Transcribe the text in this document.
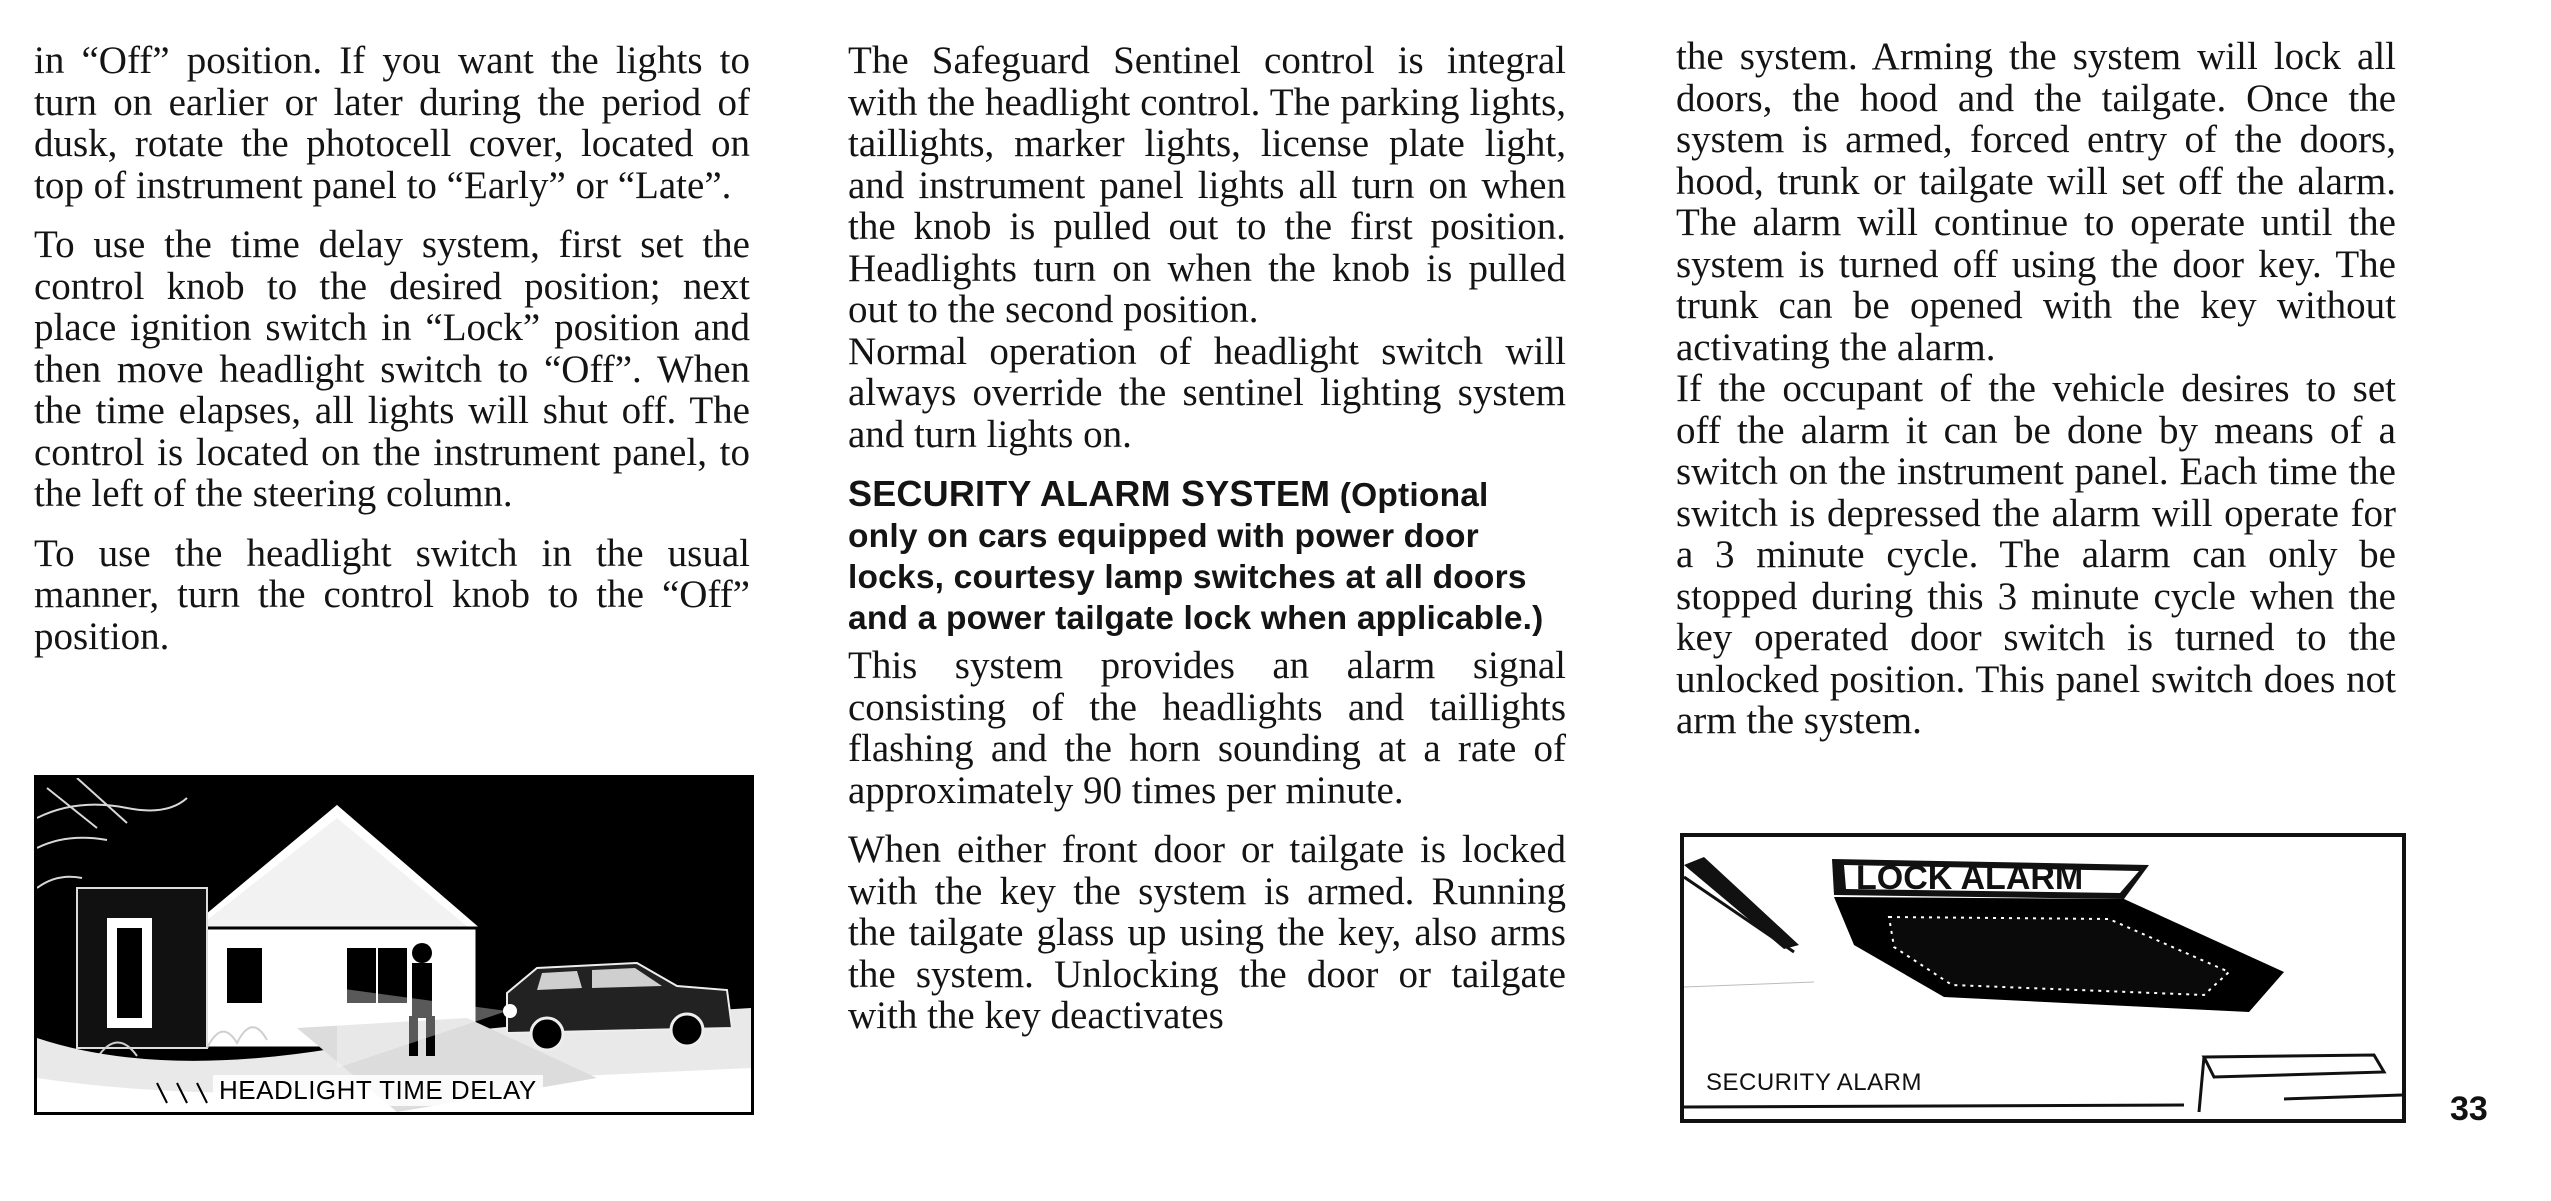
in “Off” position. If you want the lights to turn on earlier or later during the period of dusk, rotate the photocell cover, located on top of instrument panel to “Early” or “Late”.

To use the time delay system, first set the control knob to the desired position; next place ignition switch in “Lock” position and then move headlight switch to “Off”. When the time elapses, all lights will shut off. The control is located on the instrument panel, to the left of the steering column.

To use the headlight switch in the usual manner, turn the control knob to the “Off” position.

HEADLIGHT TIME DELAY

The Safeguard Sentinel control is integral with the headlight control. The parking lights, taillights, marker lights, license plate light, and instrument panel lights all turn on when the knob is pulled out to the first position. Headlights turn on when the knob is pulled out to the second position.

Normal operation of headlight switch will always override the sentinel lighting system and turn lights on.

SECURITY ALARM SYSTEM (Optional only on cars equipped with power door locks, courtesy lamp switches at all doors and a power tailgate lock when applicable.)

This system provides an alarm signal consisting of the headlights and taillights flashing and the horn sounding at a rate of approximately 90 times per minute.

When either front door or tailgate is locked with the key the system is armed. Running the tailgate glass up using the key, also arms the system. Unlocking the door or tailgate with the key deactivates

the system. Arming the system will lock all doors, the hood and the tailgate. Once the system is armed, forced entry of the doors, hood, trunk or tailgate will set off the alarm. The alarm will continue to operate until the system is turned off using the door key. The trunk can be opened with the key without activating the alarm.

If the occupant of the vehicle desires to set off the alarm it can be done by means of a switch on the instrument panel. Each time the switch is depressed the alarm will operate for a 3 minute cycle. The alarm can only be stopped during this 3 minute cycle when the key operated door switch is turned to the unlocked position. This panel switch does not arm the system.

LOCK ALARM
SECURITY ALARM
33
